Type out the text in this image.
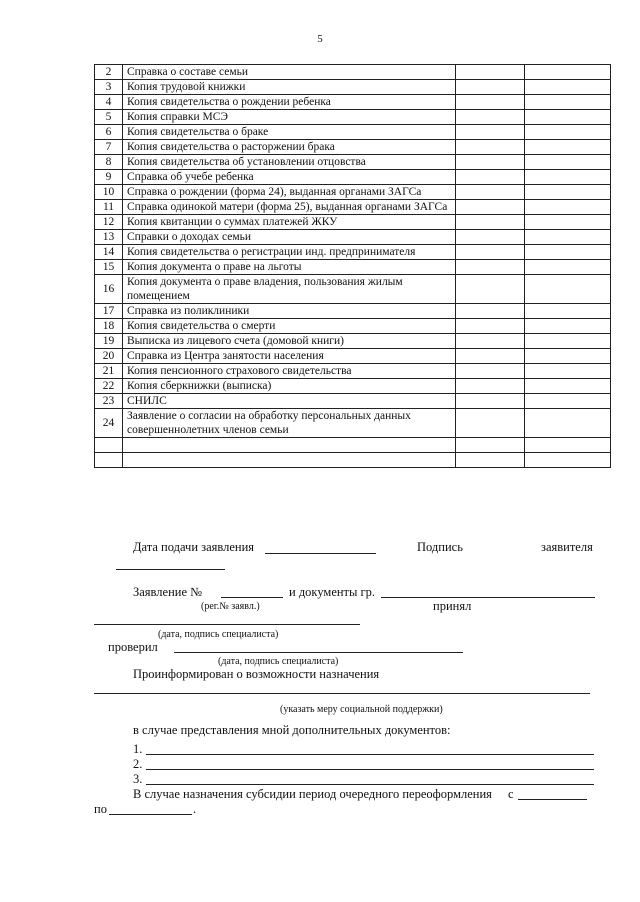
5
2	Справка о составе семьи		
3	Копия трудовой книжки		
4	Копия свидетельства о рождении ребенка		
5	Копия справки МСЭ		
6	Копия свидетельства о браке		
7	Копия свидетельства о расторжении брака		
8	Копия свидетельства об установлении отцовства		
9	Справка об учебе ребенка		
10	Справка о рождении (форма 24), выданная органами ЗАГСа		
11	Справка одинокой матери (форма 25), выданная органами ЗАГСа		
12	Копия квитанции о суммах платежей ЖКУ		
13	Справки о доходах семьи		
14	Копия свидетельства о регистрации инд. предпринимателя		
15	Копия документа о праве на льготы		
16	Копия документа о праве владения, пользования жилым помещением		
17	Справка из поликлиники		
18	Копия свидетельства о смерти		
19	Выписка из лицевого счета (домовой книги)		
20	Справка из Центра занятости населения		
21	Копия пенсионного страхового свидетельства		
22	Копия сберкнижки (выписка)		
23	СНИЛС		
24	Заявление о согласии на обработку персональных данных совершеннолетних членов семьи		

Дата подачи заявления	Подпись	заявителя
Заявление №	и документы гр.
(рег.№ заявл.)	принял
(дата, подпись специалиста)
проверил
(дата, подпись специалиста)
Проинформирован о возможности назначения
(указать меру социальной поддержки)
в случае представления мной дополнительных документов:
1.
2.
3.
В случае назначения субсидии период очередного переоформления с
по	.
